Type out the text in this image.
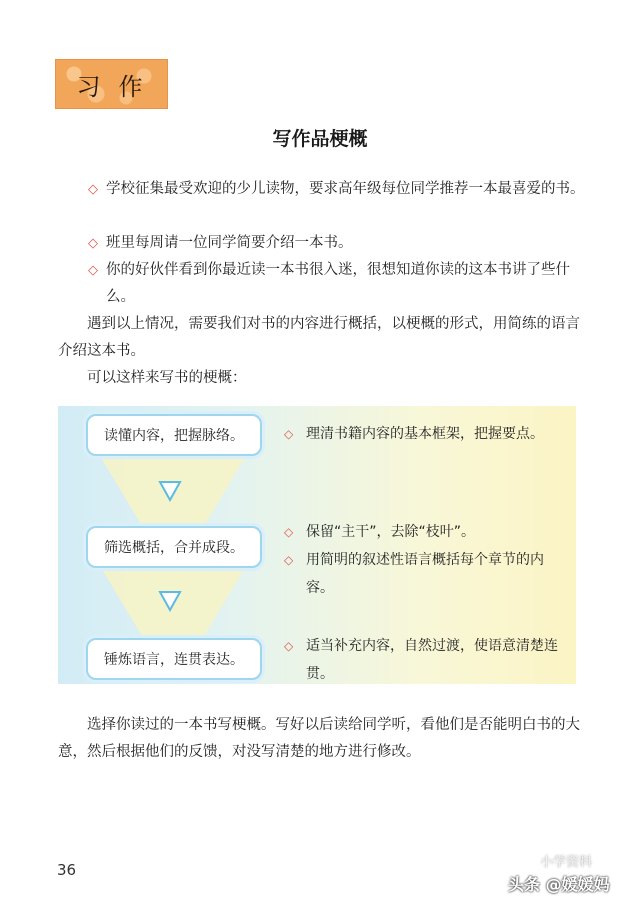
习作
写作品梗概
◇ 学校征集最受欢迎的少儿读物，要求高年级每位同学推荐一本最喜爱的书。
◇ 班里每周请一位同学简要介绍一本书。
◇ 你的好伙伴看到你最近读一本书很入迷，很想知道你读的这本书讲了些什么。
遇到以上情况，需要我们对书的内容进行概括，以梗概的形式，用简练的语言介绍这本书。
可以这样来写书的梗概：
读懂内容，把握脉络。
筛选概括，合并成段。
锤炼语言，连贯表达。
◇ 理清书籍内容的基本框架，把握要点。
◇ 保留“主干”，去除“枝叶”。
◇ 用简明的叙述性语言概括每个章节的内容。
◇ 适当补充内容，自然过渡，使语意清楚连贯。
选择你读过的一本书写梗概。写好以后读给同学听，看他们是否能明白书的大意，然后根据他们的反馈，对没写清楚的地方进行修改。
36	小学资料
头条 @媛媛妈
